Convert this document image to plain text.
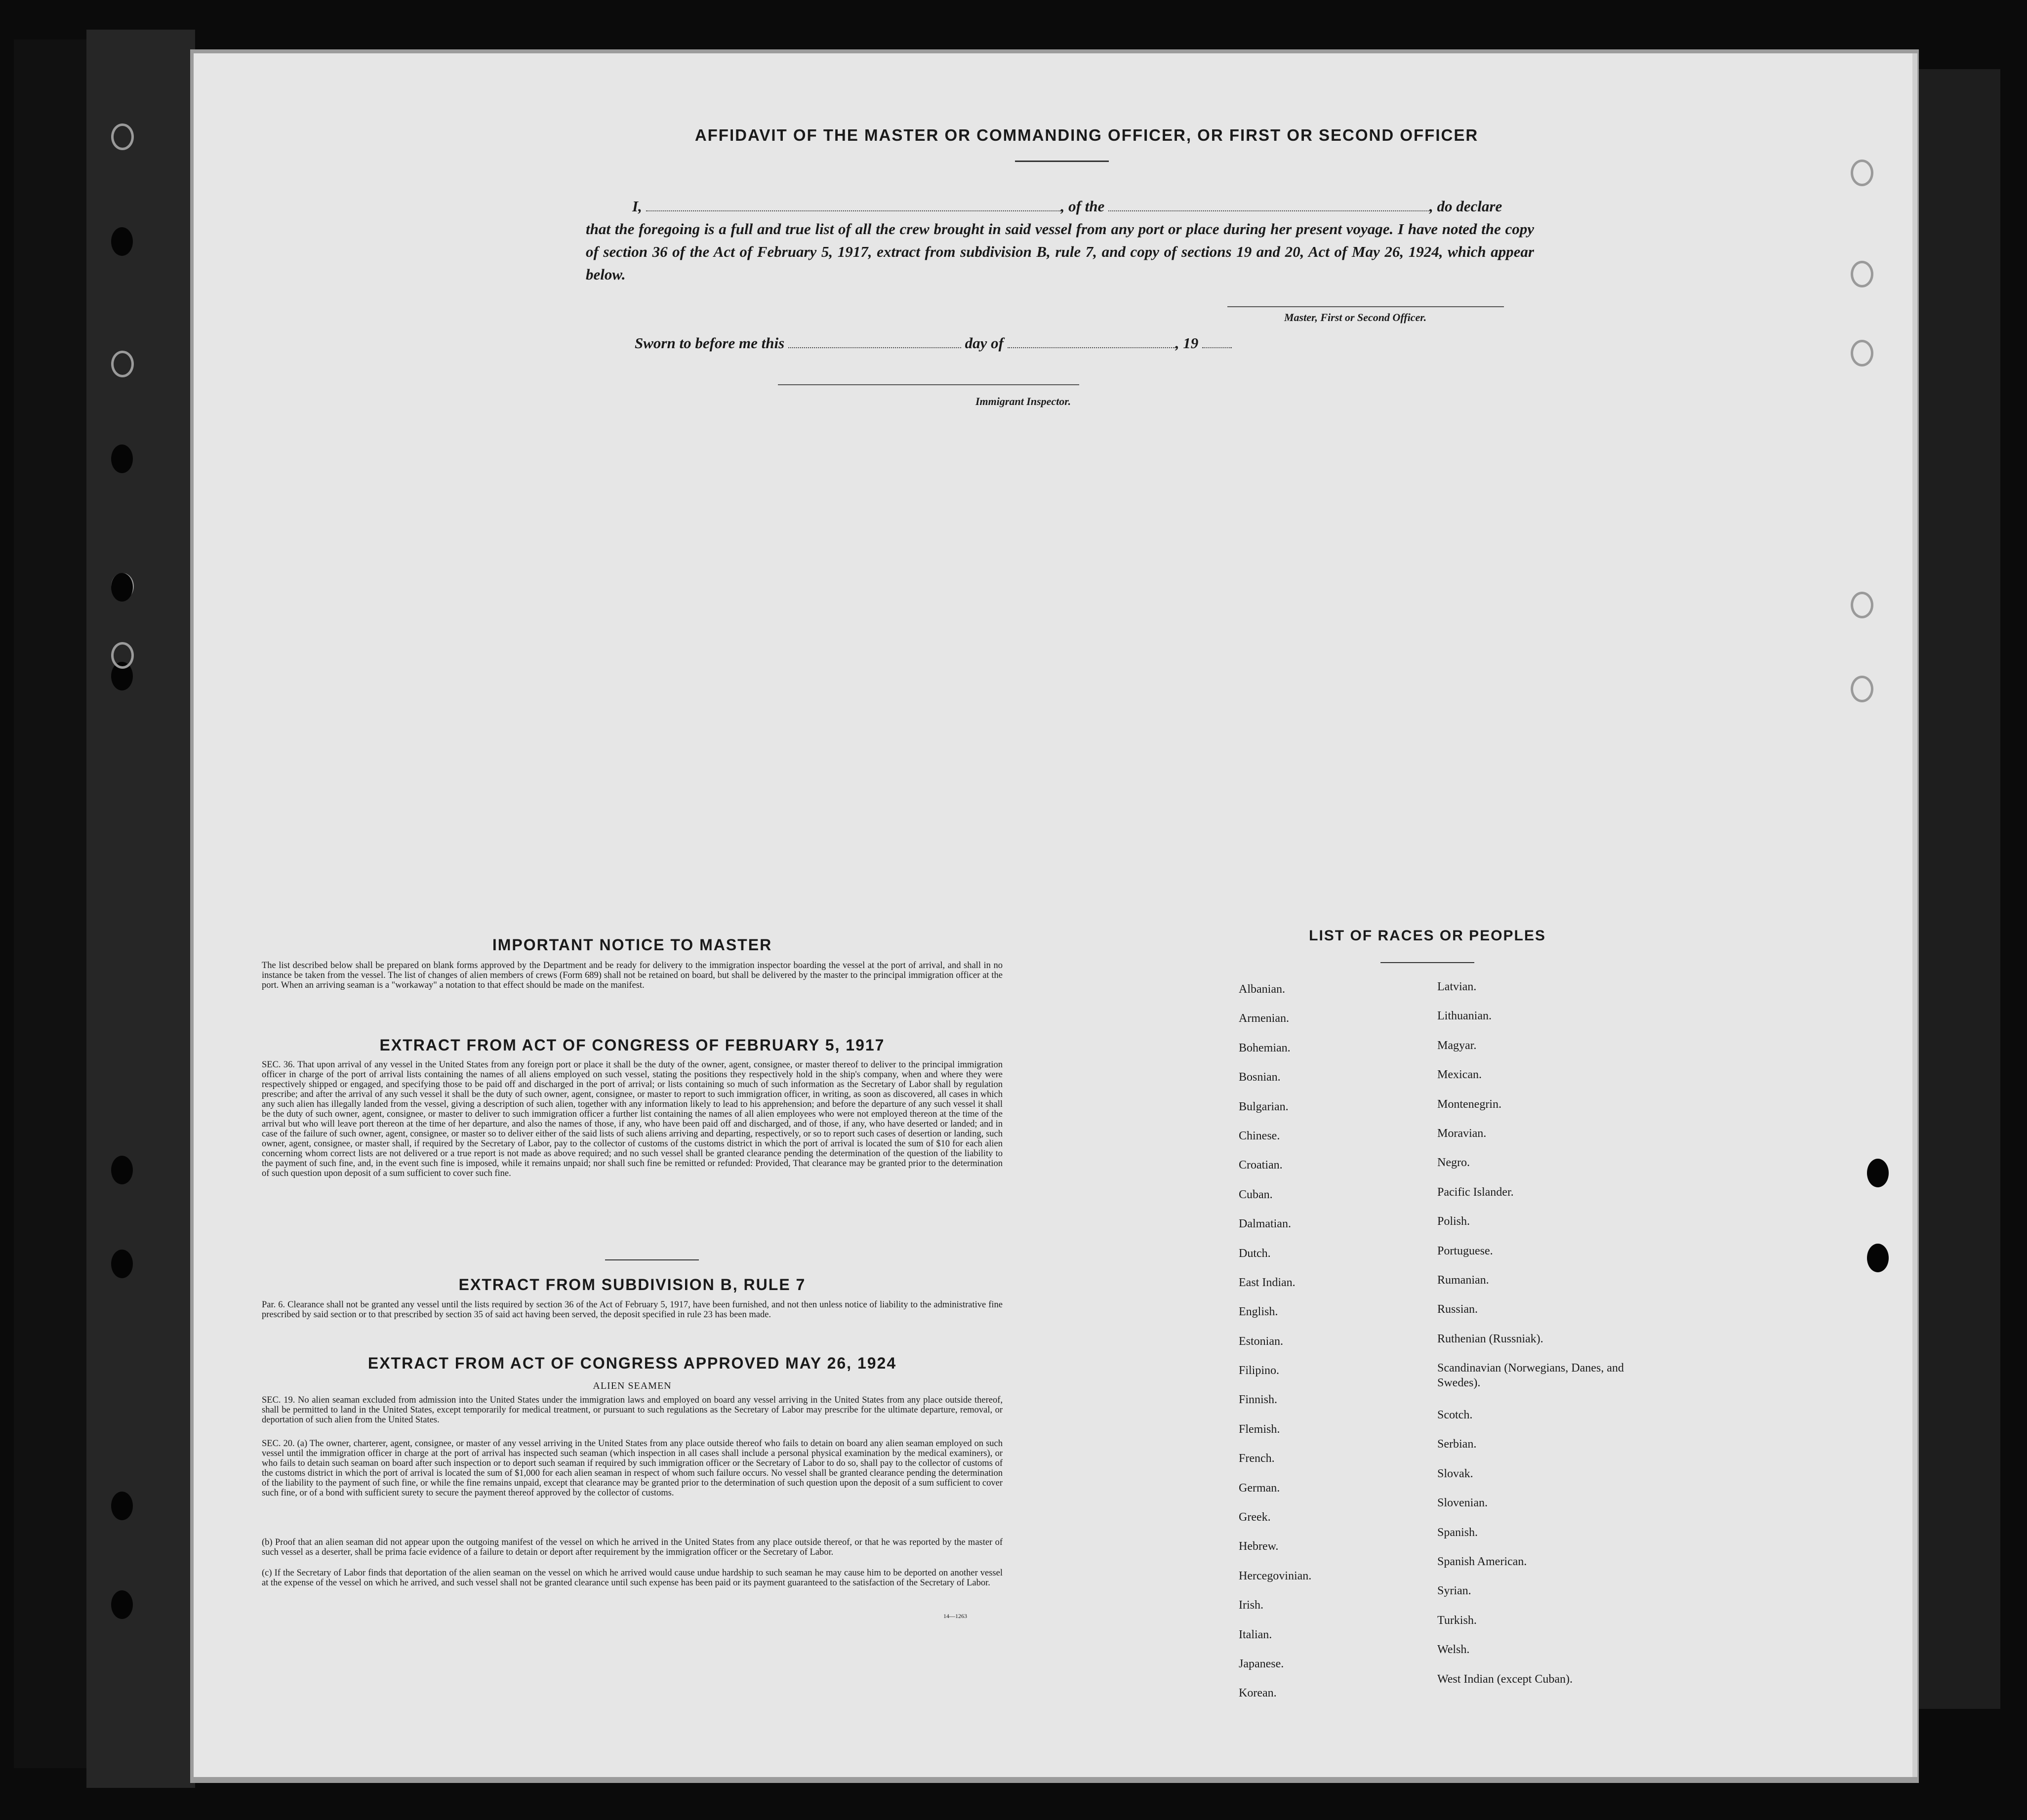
AFFIDAVIT OF THE MASTER OR COMMANDING OFFICER, OR FIRST OR SECOND OFFICER
I,	, of the	, do declare
that the foregoing is a full and true list of all the crew brought in said vessel from any port or place during her present voyage. I have noted the copy of section 36 of the Act of February 5, 1917, extract from subdivision B, rule 7, and copy of sections 19 and 20, Act of May 26, 1924, which appear below.
Master, First or Second Officer.
Sworn to before me this	day of	, 19
Immigrant Inspector.
IMPORTANT NOTICE TO MASTER
The list described below shall be prepared on blank forms approved by the Department and be ready for delivery to the immigration inspector boarding the vessel at the port of arrival, and shall in no instance be taken from the vessel. The list of changes of alien members of crews (Form 689) shall not be retained on board, but shall be delivered by the master to the principal immigration officer at the port. When an arriving seaman is a "workaway" a notation to that effect should be made on the manifest.
EXTRACT FROM ACT OF CONGRESS OF FEBRUARY 5, 1917
SEC. 36. That upon arrival of any vessel in the United States from any foreign port or place it shall be the duty of the owner, agent, consignee, or master thereof to deliver to the principal immigration officer in charge of the port of arrival lists containing the names of all aliens employed on such vessel, stating the positions they respectively hold in the ship's company, when and where they were respectively shipped or engaged, and specifying those to be paid off and discharged in the port of arrival; or lists containing so much of such information as the Secretary of Labor shall by regulation prescribe; and after the arrival of any such vessel it shall be the duty of such owner, agent, consignee, or master to report to such immigration officer, in writing, as soon as discovered, all cases in which any such alien has illegally landed from the vessel, giving a description of such alien, together with any information likely to lead to his apprehension; and before the departure of any such vessel it shall be the duty of such owner, agent, consignee, or master to deliver to such immigration officer a further list containing the names of all alien employees who were not employed thereon at the time of the arrival but who will leave port thereon at the time of her departure, and also the names of those, if any, who have been paid off and discharged, and of those, if any, who have deserted or landed; and in case of the failure of such owner, agent, consignee, or master so to deliver either of the said lists of such aliens arriving and departing, respectively, or so to report such cases of desertion or landing, such owner, agent, consignee, or master shall, if required by the Secretary of Labor, pay to the collector of customs of the customs district in which the port of arrival is located the sum of $10 for each alien concerning whom correct lists are not delivered or a true report is not made as above required; and no such vessel shall be granted clearance pending the determination of the question of the liability to the payment of such fine, and, in the event such fine is imposed, while it remains unpaid; nor shall such fine be remitted or refunded: Provided, That clearance may be granted prior to the determination of such question upon deposit of a sum sufficient to cover such fine.
EXTRACT FROM SUBDIVISION B, RULE 7
Par. 6. Clearance shall not be granted any vessel until the lists required by section 36 of the Act of February 5, 1917, have been furnished, and not then unless notice of liability to the administrative fine prescribed by said section or to that prescribed by section 35 of said act having been served, the deposit specified in rule 23 has been made.
EXTRACT FROM ACT OF CONGRESS APPROVED MAY 26, 1924
ALIEN SEAMEN
SEC. 19. No alien seaman excluded from admission into the United States under the immigration laws and employed on board any vessel arriving in the United States from any place outside thereof, shall be permitted to land in the United States, except temporarily for medical treatment, or pursuant to such regulations as the Secretary of Labor may prescribe for the ultimate departure, removal, or deportation of such alien from the United States.
SEC. 20. (a) The owner, charterer, agent, consignee, or master of any vessel arriving in the United States from any place outside thereof who fails to detain on board any alien seaman employed on such vessel until the immigration officer in charge at the port of arrival has inspected such seaman (which inspection in all cases shall include a personal physical examination by the medical examiners), or who fails to detain such seaman on board after such inspection or to deport such seaman if required by such immigration officer or the Secretary of Labor to do so, shall pay to the collector of customs of the customs district in which the port of arrival is located the sum of $1,000 for each alien seaman in respect of whom such failure occurs. No vessel shall be granted clearance pending the determination of the liability to the payment of such fine, or while the fine remains unpaid, except that clearance may be granted prior to the determination of such question upon the deposit of a sum sufficient to cover such fine, or of a bond with sufficient surety to secure the payment thereof approved by the collector of customs.
(b) Proof that an alien seaman did not appear upon the outgoing manifest of the vessel on which he arrived in the United States from any place outside thereof, or that he was reported by the master of such vessel as a deserter, shall be prima facie evidence of a failure to detain or deport after requirement by the immigration officer or the Secretary of Labor.
(c) If the Secretary of Labor finds that deportation of the alien seaman on the vessel on which he arrived would cause undue hardship to such seaman he may cause him to be deported on another vessel at the expense of the vessel on which he arrived, and such vessel shall not be granted clearance until such expense has been paid or its payment guaranteed to the satisfaction of the Secretary of Labor.
14—1263
LIST OF RACES OR PEOPLES
Albanian.
Armenian.
Bohemian.
Bosnian.
Bulgarian.
Chinese.
Croatian.
Cuban.
Dalmatian.
Dutch.
East Indian.
English.
Estonian.
Filipino.
Finnish.
Flemish.
French.
German.
Greek.
Hebrew.
Hercegovinian.
Irish.
Italian.
Japanese.
Korean.
Latvian.
Lithuanian.
Magyar.
Mexican.
Montenegrin.
Moravian.
Negro.
Pacific Islander.
Polish.
Portuguese.
Rumanian.
Russian.
Ruthenian (Russniak).
Scandinavian (Norwegians, Danes, and Swedes).
Scotch.
Serbian.
Slovak.
Slovenian.
Spanish.
Spanish American.
Syrian.
Turkish.
Welsh.
West Indian (except Cuban).
